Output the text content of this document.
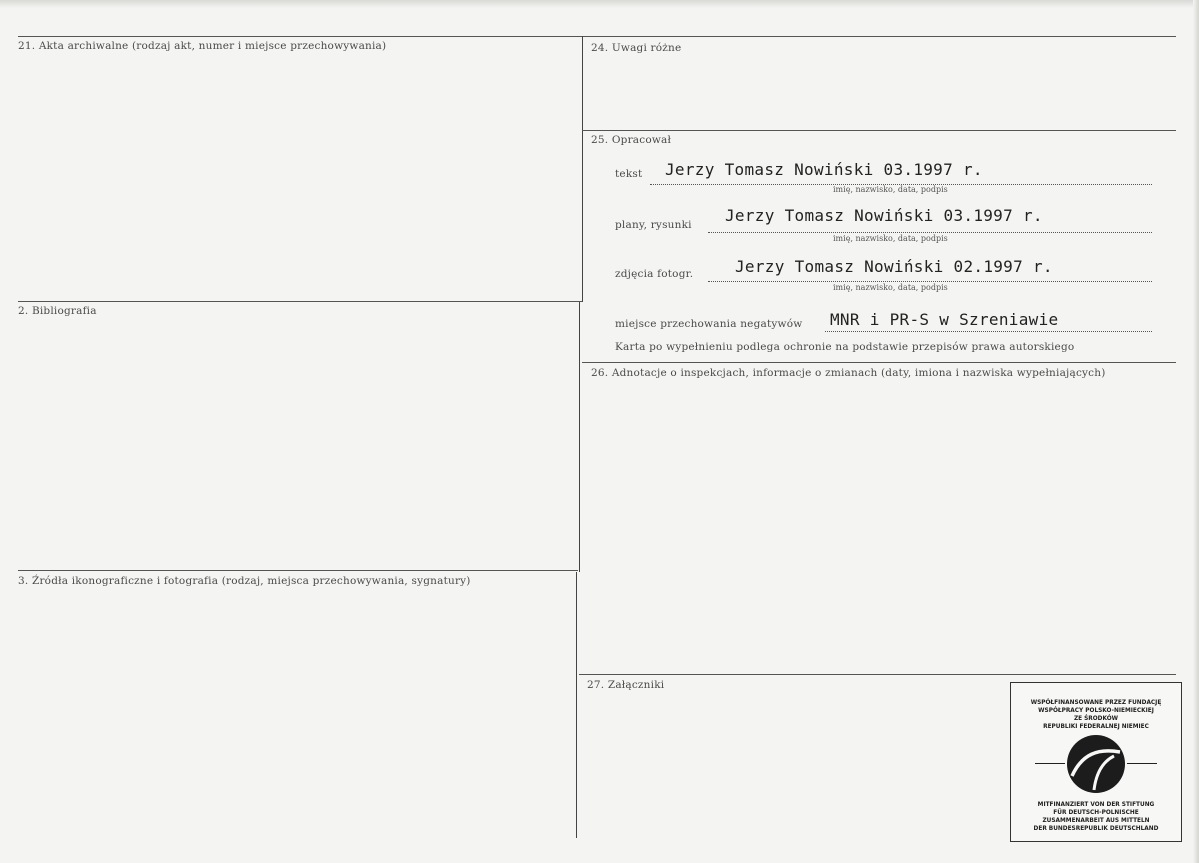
21. Akta archiwalne (rodzaj akt, numer i miejsce przechowywania)
2. Bibliografia
3. Źródła ikonograficzne i fotografia (rodzaj, miejsca przechowywania, sygnatury)
24. Uwagi różne
25. Opracował
26. Adnotacje o inspekcjach, informacje o zmianach (daty, imiona i nazwiska wypełniających)
27. Załączniki
tekst Jerzy Tomasz Nowiński 03.1997 r.
imię, nazwisko, data, podpis
plany, rysunki Jerzy Tomasz Nowiński 03.1997 r.
imię, nazwisko, data, podpis
zdjęcia fotogr.	Jerzy Tomasz Nowiński 02.1997 r.
imię, nazwisko, data, podpis
miejsce przechowania negatywów MNR i PR-S w Szreniawie
Karta po wypełnieniu podlega ochronie na podstawie przepisów prawa autorskiego
WSPÓŁFINANSOWANE PRZEZ FUNDACJĘ
WSPÓŁPRACY POLSKO-NIEMIECKIEJ
ZE ŚRODKÓW
REPUBLIKI FEDERALNEJ NIEMIEC
MITFINANZIERT VON DER STIFTUNG
FÜR DEUTSCH-POLNISCHE
ZUSAMMENARBEIT AUS MITTELN
DER BUNDESREPUBLIK DEUTSCHLAND
